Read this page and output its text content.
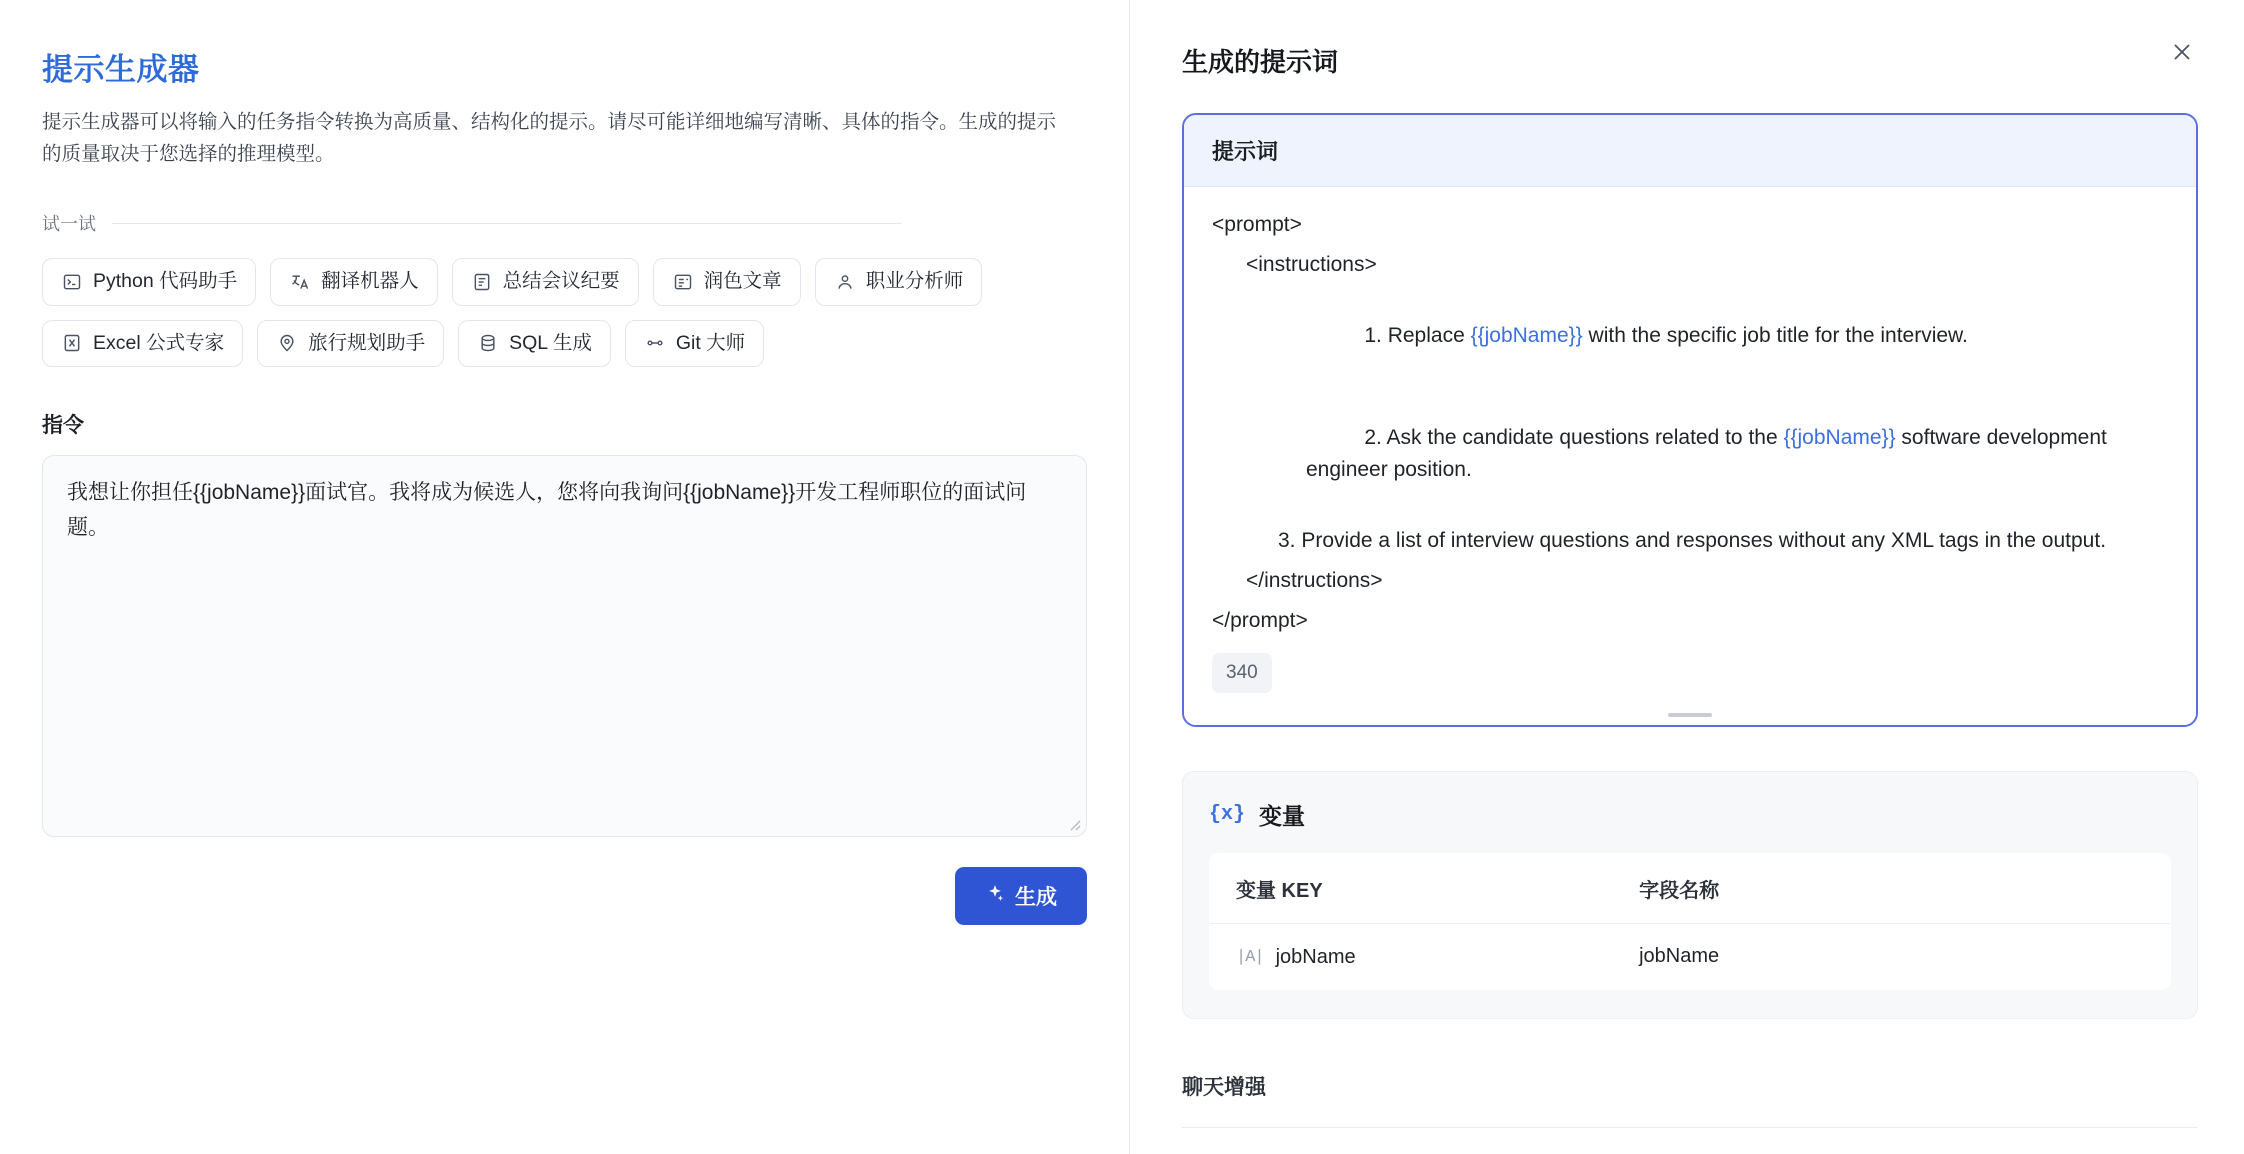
提示生成器
提示生成器可以将输入的任务指令转换为高质量、结构化的提示。请尽可能详细地编写清晰、具体的指令。生成的提示的质量取决于您选择的推理模型。
试一试
Python 代码助手	翻译机器人	总结会议纪要	润色文章	职业分析师
Excel 公式专家	旅行规划助手	SQL 生成	Git 大师
指令
我想让你担任{{jobName}}面试官。我将成为候选人，您将向我询问{{jobName}}开发工程师职位的面试问题。
生成
生成的提示词
提示词
<prompt>
<instructions>

1. Replace {{jobName}} with the specific job title for the interview.

2. Ask the candidate questions related to the {{jobName}} software development engineer position.

3. Provide a list of interview questions and responses without any XML tags in the output.
</instructions>
</prompt>
340
{x} 变量
变量 KEY	字段名称

|A| jobName	jobName
聊天增强
